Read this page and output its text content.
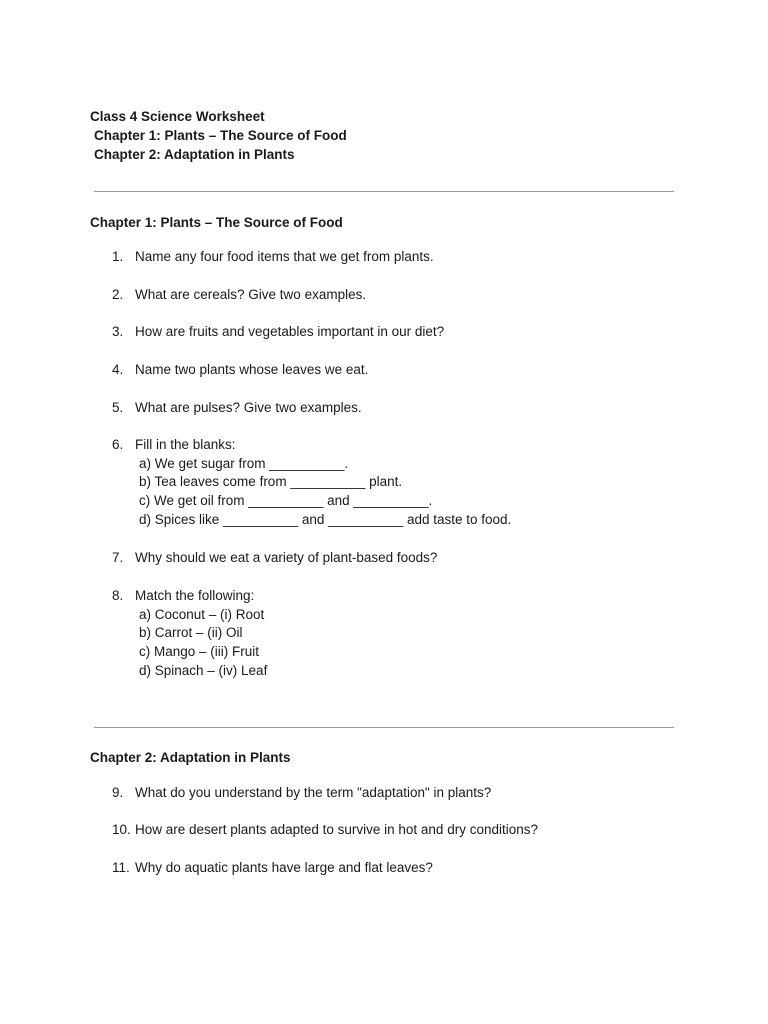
Class 4 Science Worksheet
Chapter 1: Plants – The Source of Food
Chapter 2: Adaptation in Plants
Chapter 1: Plants – The Source of Food
1. Name any four food items that we get from plants.
2. What are cereals? Give two examples.
3. How are fruits and vegetables important in our diet?
4. Name two plants whose leaves we eat.
5. What are pulses? Give two examples.
6. Fill in the blanks:
a) We get sugar from __________.
b) Tea leaves come from __________ plant.
c) We get oil from __________ and __________.
d) Spices like __________ and __________ add taste to food.
7. Why should we eat a variety of plant-based foods?
8. Match the following:
a) Coconut – (i) Root
b) Carrot – (ii) Oil
c) Mango – (iii) Fruit
d) Spinach – (iv) Leaf
Chapter 2: Adaptation in Plants
9. What do you understand by the term "adaptation" in plants?
10. How are desert plants adapted to survive in hot and dry conditions?
11. Why do aquatic plants have large and flat leaves?
